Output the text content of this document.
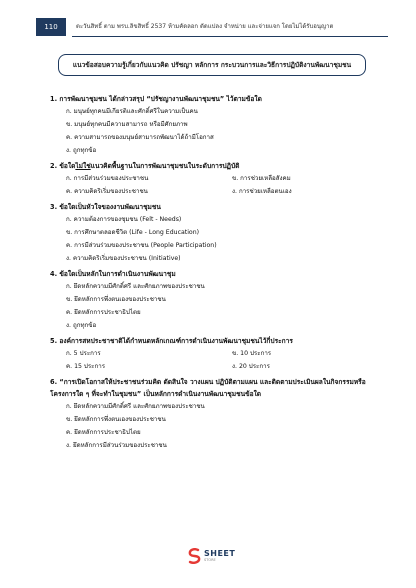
110	ตะวันสิทธิ์ ตาม พรบ.ลิขสิทธิ์ 2537 ห้ามคัดลอก ดัดแปลง จำหน่าย และจ่ายแจก โดยไม่ได้รับอนุญาต
แนวข้อสอบความรู้เกี่ยวกับแนวคิด ปรัชญา หลักการ กระบวนการและวิธีการปฏิบัติงานพัฒนาชุมชน
1. การพัฒนาชุมชน ได้กล่าวสรุป “ปรัชญางานพัฒนาชุมชน” ไว้ตามข้อใด
ก. มนุษย์ทุกคนมีเกียรติและศักดิ์ศรีในความเป็นคน
ข. มนุษย์ทุกคนมีความสามารถ หรือมีศักยภาพ
ค. ความสามารถของมนุษย์สามารถพัฒนาได้ถ้ามีโอกาส
ง. ถูกทุกข้อ
2. ข้อใดไม่ใช่แนวคิดพื้นฐานในการพัฒนาชุมชนในระดับการปฏิบัติ
ก. การมีส่วนร่วมของประชาชน	ข. การช่วยเหลือสังคม
ค. ความคิดริเริ่มของประชาชน	ง. การช่วยเหลือตนเอง
3. ข้อใดเป็นหัวใจของงานพัฒนาชุมชน
ก. ความต้องการของชุมชน (Felt - Needs)
ข. การศึกษาตลอดชีวิต (Life - Long Education)
ค. การมีส่วนร่วมของประชาชน (People Participation)
ง. ความคิดริเริ่มของประชาชน (Initiative)
4. ข้อใดเป็นหลักในการดำเนินงานพัฒนาชุม
ก. ยึดหลักความมีศักดิ์ศรี และศักยภาพของประชาชน
ข. ยึดหลักการพึ่งตนเองของประชาชน
ค. ยึดหลักการประชาธิปไตย
ง. ถูกทุกข้อ
5. องค์การสหประชาชาติได้กำหนดหลักเกณฑ์การดำเนินงานพัฒนาชุมชนไว้กี่ประการ
ก. 5 ประการ	ข. 10 ประการ
ค. 15 ประการ	ง. 20 ประการ
6. “การเปิดโอกาสให้ประชาชนร่วมคิด ตัดสินใจ วางแผน ปฏิบัติตามแผน และติดตามประเมินผลในกิจกรรมหรือโครงการใด ๆ ที่จะทำในชุมชน” เป็นหลักการดำเนินงานพัฒนาชุมชนข้อใด
ก. ยึดหลักความมีศักดิ์ศรี และศักยภาพของประชาชน
ข. ยึดหลักการพึ่งตนเองของประชาชน
ค. ยึดหลักการประชาธิปไตย
ง. ยึดหลักการมีส่วนร่วมของประชาชน
SHEET
STORE
